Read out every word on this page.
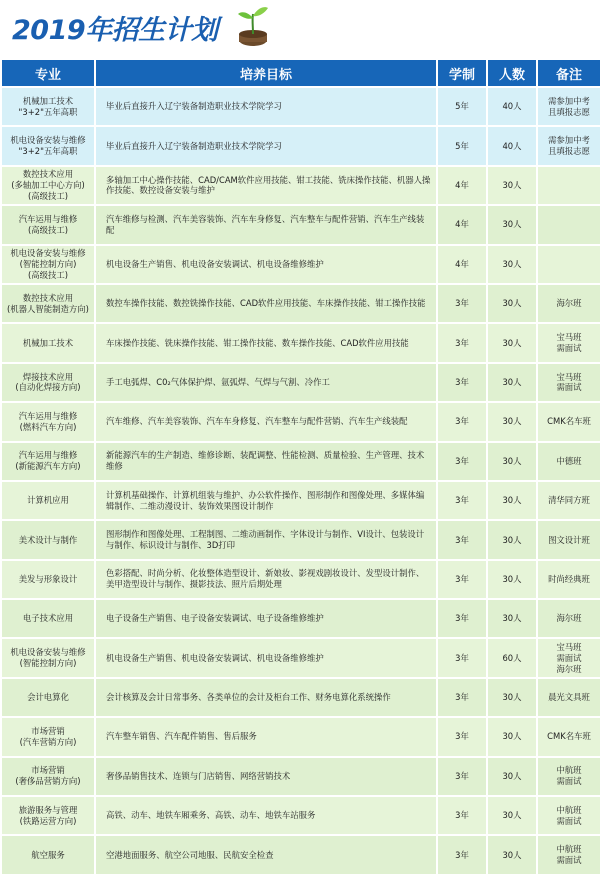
2019年招生计划
专业	培养目标	学制	人数	备注
机械加工技术
"3+2"五年高职	毕业后直接升入辽宁装备制造职业技术学院学习	5年	40人	需参加中考
且填报志愿
机电设备安装与维修
"3+2"五年高职	毕业后直接升入辽宁装备制造职业技术学院学习	5年	40人	需参加中考
且填报志愿
数控技术应用
(多轴加工中心方向)
(高级技工)	多轴加工中心操作技能、CAD/CAM软件应用技能、钳工技能、铣床操作技能、机器人操作技能、数控设备安装与维护	4年	30人	
汽车运用与维修
(高级技工)	汽车维修与检测、汽车美容装饰、汽车车身修复、汽车整车与配件营销、汽车生产线装配	4年	30人	
机电设备安装与维修
(智能控制方向)
(高级技工)	机电设备生产销售、机电设备安装调试、机电设备维修维护	4年	30人	
数控技术应用
(机器人智能制造方向)	数控车操作技能、数控铣操作技能、CAD软件应用技能、车床操作技能、钳工操作技能	3年	30人	海尔班
机械加工技术	车床操作技能、铣床操作技能、钳工操作技能、数车操作技能、CAD软件应用技能	3年	30人	宝马班
需面试
焊接技术应用
(自动化焊接方向)	手工电弧焊、C0₂气体保护焊、氩弧焊、气焊与气割、冷作工	3年	30人	宝马班
需面试
汽车运用与维修
(燃料汽车方向)	汽车维修、汽车美容装饰、汽车车身修复、汽车整车与配件营销、汽车生产线装配	3年	30人	CMK名车班
汽车运用与维修
(新能源汽车方向)	新能源汽车的生产制造、维修诊断、装配调整、性能检测、质量检验、生产管理、技术维修	3年	30人	中德班
计算机应用	计算机基础操作、计算机组装与维护、办公软件操作、图形制作和图像处理、多媒体编辑制作、二维动漫设计、装饰效果图设计制作	3年	30人	清华同方班
美术设计与制作	图形制作和图像处理、工程制图、二维动画制作、字体设计与制作、VI设计、包装设计与制作、标识设计与制作、3D打印	3年	30人	图文设计班
美发与形象设计	色彩搭配、时尚分析、化妆整体造型设计、新娘妆、影视戏剧妆设计、发型设计制作、美甲造型设计与制作、摄影技法、照片后期处理	3年	30人	时尚经典班
电子技术应用	电子设备生产销售、电子设备安装调试、电子设备维修维护	3年	30人	海尔班
机电设备安装与维修
(智能控制方向)	机电设备生产销售、机电设备安装调试、机电设备维修维护	3年	60人	宝马班
需面试
海尔班
会计电算化	会计核算及会计日常事务、各类单位的会计及柜台工作、财务电算化系统操作	3年	30人	晨光文具班
市场营销
(汽车营销方向)	汽车整车销售、汽车配件销售、售后服务	3年	30人	CMK名车班
市场营销
(奢侈品营销方向)	奢侈品销售技术、连锁与门店销售、网络营销技术	3年	30人	中航班
需面试
旅游服务与管理
(铁路运营方向)	高铁、动车、地铁车厢乘务、高铁、动车、地铁车站服务	3年	30人	中航班
需面试
航空服务	空港地面服务、航空公司地服、民航安全检查	3年	30人	中航班
需面试
